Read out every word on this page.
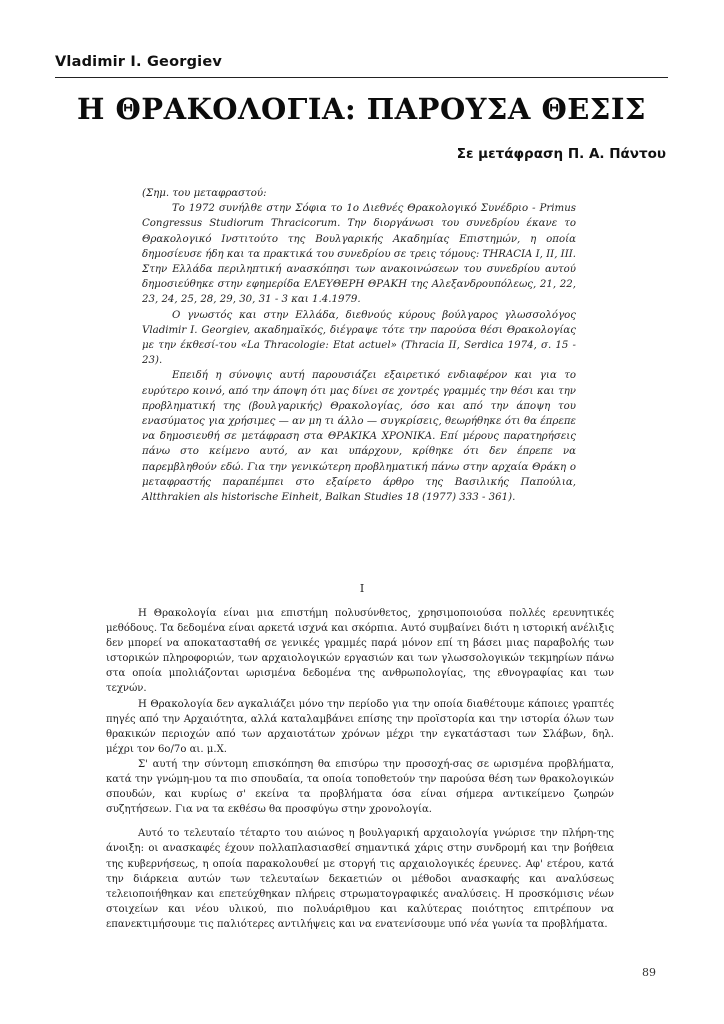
Vladimir I. Georgiev
Η ΘΡΑΚΟΛΟΓΙΑ: ΠΑΡΟΥΣΑ ΘΕΣΙΣ
Σε μετάφραση Π. Α. Πάντου

(Σημ. του μεταφραστού:

Το 1972 συνήλθε στην Σόφια το 1ο Διεθνές Θρακολογικό Συνέδριο - Primus Congressus Studiorum Thracicorum. Την διοργάνωσι του συνεδρίου έκανε το Θρακολογικό Ινστιτούτο της Βουλγαρικής Ακαδημίας Επιστημών, η οποία δημοσίευσε ήδη και τα πρακτικά του συνεδρίου σε τρεις τόμους: THRACIA I, II, III. Στην Ελλάδα περιληπτική ανασκόπησι των ανακοινώσεων του συνεδρίου αυτού δημοσιεύθηκε στην εφημερίδα ΕΛΕΥΘΕΡΗ ΘΡΑΚΗ της Αλεξανδρουπόλεως, 21, 22, 23, 24, 25, 28, 29, 30, 31 - 3 και 1.4.1979.

Ο γνωστός και στην Ελλάδα, διεθνούς κύρους βούλγαρος γλωσσολόγος Vladimir I. Georgiev, ακαδημαϊκός, διέγραψε τότε την παρούσα θέσι Θρακολογίας με την έκθεσί-του «La Thracologie: Etat actuel» (Thracia II, Serdica 1974, σ. 15 - 23).

Επειδή η σύνοψις αυτή παρουσιάζει εξαιρετικό ενδιαφέρον και για το ευρύτερο κοινό, από την άποψη ότι μας δίνει σε χοντρές γραμμές την θέσι και την προβληματική της (βουλγαρικής) Θρακολογίας, όσο και από την άποψη του ενασύματος για χρήσιμες — αν μη τι άλλο — συγκρίσεις, θεωρήθηκε ότι θα έπρεπε να δημοσιευθή σε μετάφραση στα ΘΡΑΚΙΚΑ ΧΡΟΝΙΚΑ. Επί μέρους παρατηρήσεις πάνω στο κείμενο αυτό, αν και υπάρχουν, κρίθηκε ότι δεν έπρεπε να παρεμβληθούν εδώ. Για την γενικώτερη προβληματική πάνω στην αρχαία Θράκη ο μεταφραστής παραπέμπει στο εξαίρετο άρθρο της Βασιλικής Παπούλια, Altthrakien als historische Einheit, Balkan Studies 18 (1977) 333 - 361).

I

Η Θρακολογία είναι μια επιστήμη πολυσύνθετος, χρησιμοποιούσα πολλές ερευνητικές μεθόδους. Τα δεδομένα είναι αρκετά ισχνά και σκόρπια. Αυτό συμβαίνει διότι η ιστορική ανέλιξις δεν μπορεί να αποκατασταθή σε γενικές γραμμές παρά μόνον επί τη βάσει μιας παραβολής των ιστορικών πληροφοριών, των αρχαιολογικών εργασιών και των γλωσσολογικών τεκμηρίων πάνω στα οποία μπολιάζονται ωρισμένα δεδομένα της ανθρωπολογίας, της εθνογραφίας και των τεχνών.

Η Θρακολογία δεν αγκαλιάζει μόνο την περίοδο για την οποία διαθέτουμε κάποιες γραπτές πηγές από την Αρχαιότητα, αλλά καταλαμβάνει επίσης την προϊστορία και την ιστορία όλων των θρακικών περιοχών από των αρχαιοτάτων χρόνων μέχρι την εγκατάστασι των Σλάβων, δηλ. μέχρι τον 6ο/7ο αι. μ.Χ.

Σ' αυτή την σύντομη επισκόπηση θα επισύρω την προσοχή-σας σε ωρισμένα προβλήματα, κατά την γνώμη-μου τα πιο σπουδαία, τα οποία τοποθετούν την παρούσα θέση των θρακολογικών σπουδών, και κυρίως σ' εκείνα τα προβλήματα όσα είναι σήμερα αντικείμενο ζωηρών συζητήσεων. Για να τα εκθέσω θα προσφύγω στην χρονολογία.

Αυτό το τελευταίο τέταρτο του αιώνος η βουλγαρική αρχαιολογία γνώρισε την πλήρη-της άνοιξη: οι ανασκαφές έχουν πολλαπλασιασθεί σημαντικά χάρις στην συνδρομή και την βοήθεια της κυβερνήσεως, η οποία παρακολουθεί με στοργή τις αρχαιολογικές έρευνες. Αφ' ετέρου, κατά την διάρκεια αυτών των τελευταίων δεκαετιών οι μέθοδοι ανασκαφής και αναλύσεως τελειοποιήθηκαν και επετεύχθηκαν πλήρεις στρωματογραφικές αναλύσεις. Η προσκόμισις νέων στοιχείων και νέου υλικού, πιο πολυάριθμου και καλύτερας ποιότητος επιτρέπουν να επανεκτιμήσουμε τις παλιότερες αντιλήψεις και να ενατενίσουμε υπό νέα γωνία τα προβλήματα.

89
